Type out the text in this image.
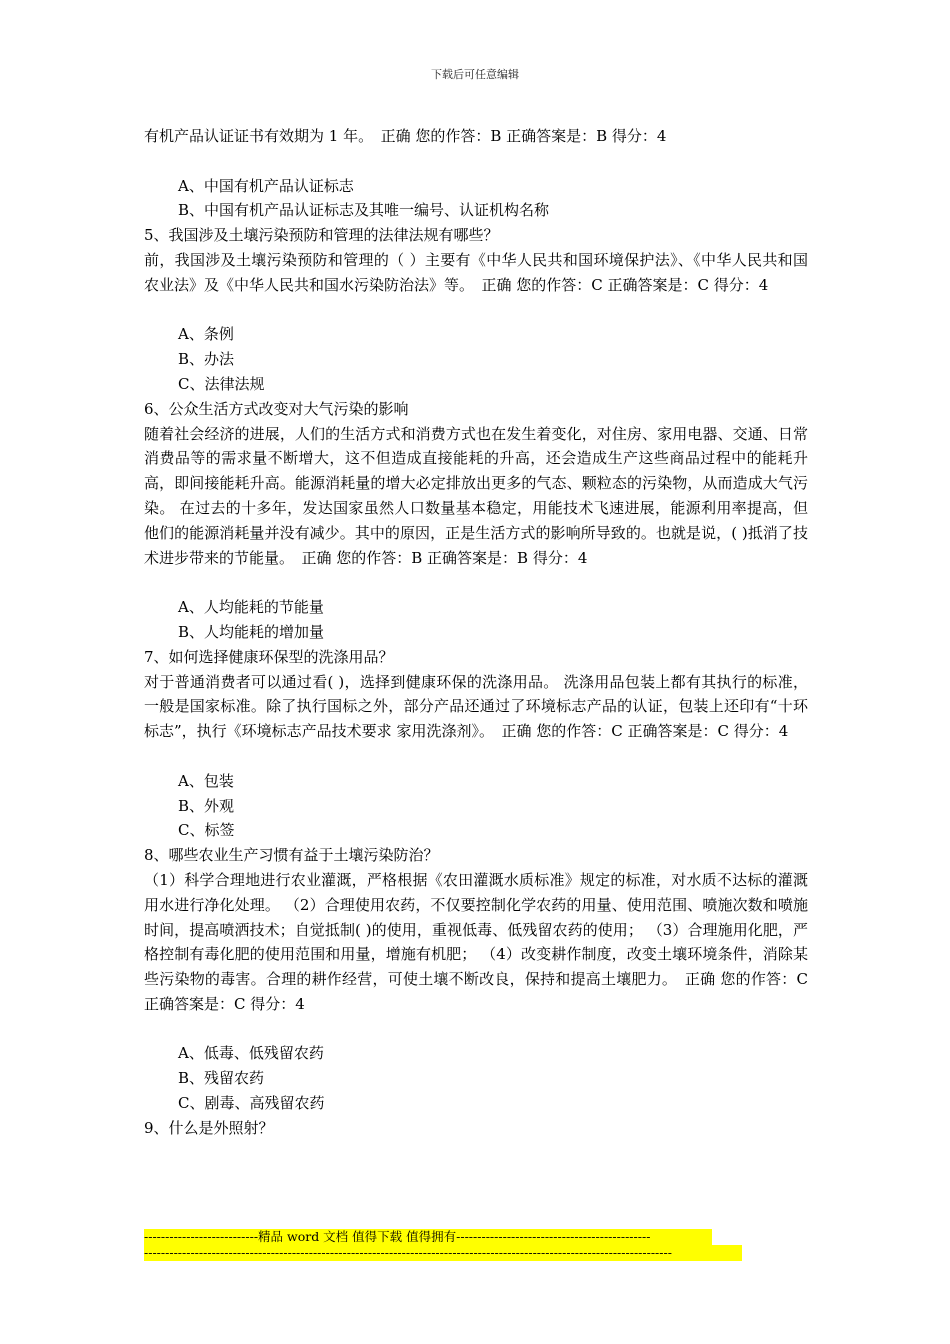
下载后可任意编辑

有机产品认证证书有效期为 1 年。　正确 您的作答：B 正确答案是：B 得分：4

A、中国有机产品认证标志

B、中国有机产品认证标志及其唯一编号、认证机构名称

5、我国涉及土壤污染预防和管理的法律法规有哪些？

前，我国涉及土壤污染预防和管理的（ ）主要有《中华人民共和国环境保护法》、《中华人民共和国农业法》及《中华人民共和国水污染防治法》等。　正确 您的作答：C 正确答案是：C 得分：4

A、条例

B、办法

C、法律法规

6、公众生活方式改变对大气污染的影响

随着社会经济的进展，人们的生活方式和消费方式也在发生着变化，对住房、家用电器、交通、日常消费品等的需求量不断增大，这不但造成直接能耗的升高，还会造成生产这些商品过程中的能耗升高，即间接能耗升高。能源消耗量的增大必定排放出更多的气态、颗粒态的污染物，从而造成大气污染。 在过去的十多年，发达国家虽然人口数量基本稳定，用能技术飞速进展，能源利用率提高，但他们的能源消耗量并没有减少。其中的原因，正是生活方式的影响所导致的。也就是说，( )抵消了技术进步带来的节能量。　正确 您的作答：B 正确答案是：B 得分：4

A、人均能耗的节能量

B、人均能耗的增加量

7、如何选择健康环保型的洗涤用品？

对于普通消费者可以通过看( )，选择到健康环保的洗涤用品。 洗涤用品包装上都有其执行的标准，一般是国家标准。除了执行国标之外，部分产品还通过了环境标志产品的认证，包装上还印有“十环标志”，执行《环境标志产品技术要求 家用洗涤剂》。　正确 您的作答：C 正确答案是：C 得分：4

A、包装

B、外观

C、标签

8、哪些农业生产习惯有益于土壤污染防治？

（1）科学合理地进行农业灌溉，严格根据《农田灌溉水质标准》规定的标准，对水质不达标的灌溉用水进行净化处理。 （2）合理使用农药，不仅要控制化学农药的用量、使用范围、喷施次数和喷施时间，提高喷洒技术；自觉抵制( )的使用，重视低毒、低残留农药的使用； （3）合理施用化肥，严格控制有毒化肥的使用范围和用量，增施有机肥； （4）改变耕作制度，改变土壤环境条件，消除某些污染物的毒害。合理的耕作经营，可使土壤不断改良，保持和提高土壤肥力。　正确 您的作答：C 正确答案是：C 得分：4

A、低毒、低残留农药

B、残留农药

C、剧毒、高残留农药

9、什么是外照射？

---------------------------精品 word 文档 值得下载 值得拥有----------------------------------------------
-----------------------------------------------------------------------------------------------------------------------------
